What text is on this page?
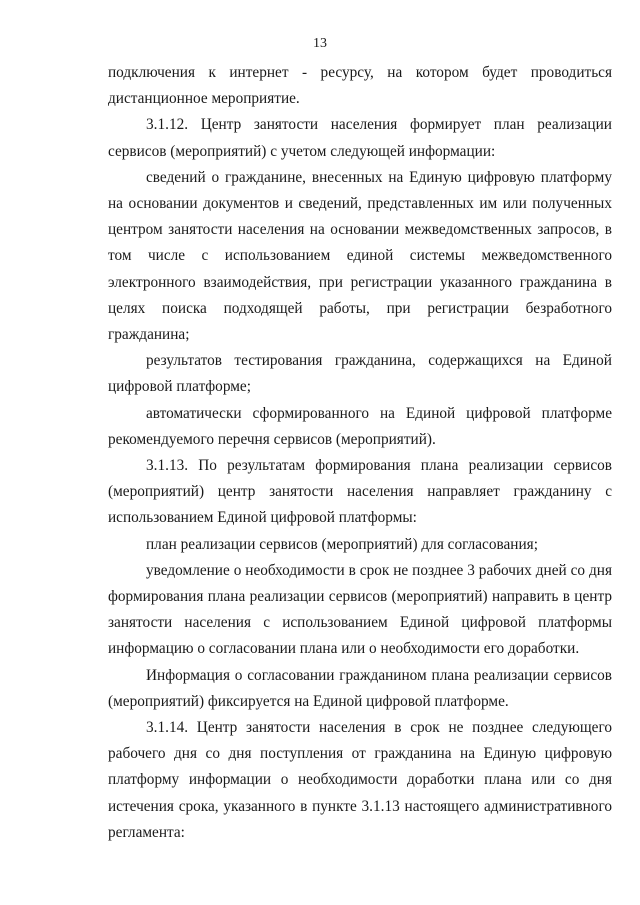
13

подключения к интернет - ресурсу, на котором будет проводиться дистанционное мероприятие.

3.1.12. Центр занятости населения формирует план реализации сервисов (мероприятий) с учетом следующей информации:

сведений о гражданине, внесенных на Единую цифровую платформу на основании документов и сведений, представленных им или полученных центром занятости населения на основании межведомственных запросов, в том числе с использованием единой системы межведомственного электронного взаимодействия, при регистрации указанного гражданина в целях поиска подходящей работы, при регистрации безработного гражданина;

результатов тестирования гражданина, содержащихся на Единой цифровой платформе;

автоматически сформированного на Единой цифровой платформе рекомендуемого перечня сервисов (мероприятий).

3.1.13. По результатам формирования плана реализации сервисов (мероприятий) центр занятости населения направляет гражданину с использованием Единой цифровой платформы:

план реализации сервисов (мероприятий) для согласования;

уведомление о необходимости в срок не позднее 3 рабочих дней со дня формирования плана реализации сервисов (мероприятий) направить в центр занятости населения с использованием Единой цифровой платформы информацию о согласовании плана или о необходимости его доработки.

Информация о согласовании гражданином плана реализации сервисов (мероприятий) фиксируется на Единой цифровой платформе.

3.1.14. Центр занятости населения в срок не позднее следующего рабочего дня со дня поступления от гражданина на Единую цифровую платформу информации о необходимости доработки плана или со дня истечения срока, указанного в пункте 3.1.13 настоящего административного регламента:
